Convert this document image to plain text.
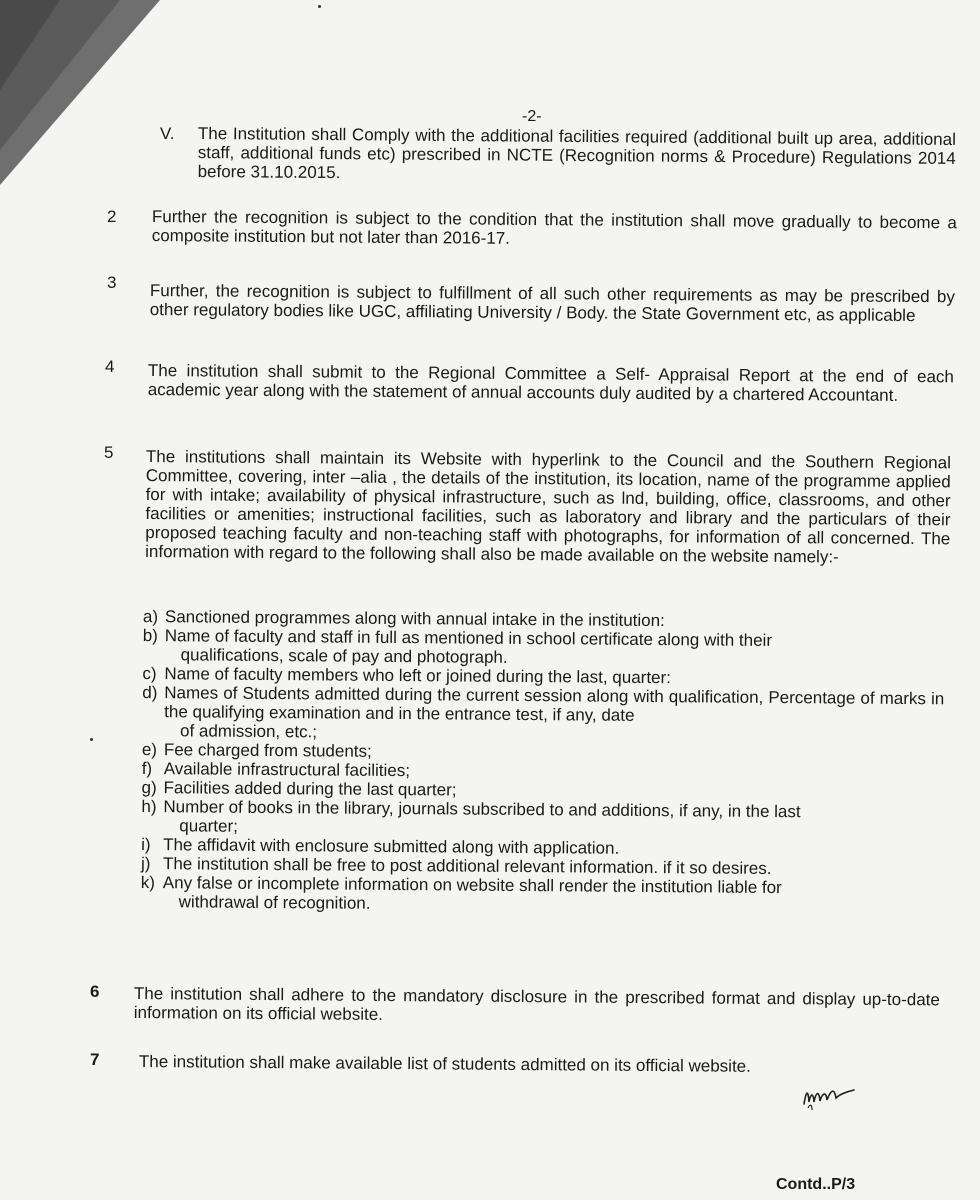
-2-
V. The Institution shall Comply with the additional facilities required (additional built up area, additional staff, additional funds etc) prescribed in NCTE (Recognition norms & Procedure) Regulations 2014 before 31.10.2015.
2 Further the recognition is subject to the condition that the institution shall move gradually to become a composite institution but not later than 2016-17.
3 Further, the recognition is subject to fulfillment of all such other requirements as may be prescribed by other regulatory bodies like UGC, affiliating University / Body. the State Government etc, as applicable
4 The institution shall submit to the Regional Committee a Self- Appraisal Report at the end of each academic year along with the statement of annual accounts duly audited by a chartered Accountant.
5 The institutions shall maintain its Website with hyperlink to the Council and the Southern Regional Committee, covering, inter –alia , the details of the institution, its location, name of the programme applied for with intake; availability of physical infrastructure, such as lnd, building, office, classrooms, and other facilities or amenities; instructional facilities, such as laboratory and library and the particulars of their proposed teaching faculty and non-teaching staff with photographs, for information of all concerned. The information with regard to the following shall also be made available on the website namely:-
a) Sanctioned programmes along with annual intake in the institution:
b) Name of faculty and staff in full as mentioned in school certificate along with their
qualifications, scale of pay and photograph.
c) Name of faculty members who left or joined during the last, quarter:
d) Names of Students admitted during the current session along with qualification, Percentage of marks in the qualifying examination and in the entrance test, if any, date
of admission, etc.;
e) Fee charged from students;
f) Available infrastructural facilities;
g) Facilities added during the last quarter;
h) Number of books in the library, journals subscribed to and additions, if any, in the last
quarter;
i) The affidavit with enclosure submitted along with application.
j) The institution shall be free to post additional relevant information. if it so desires.
k) Any false or incomplete information on website shall render the institution liable for
withdrawal of recognition.
6 The institution shall adhere to the mandatory disclosure in the prescribed format and display up-to-date information on its official website.
7 The institution shall make available list of students admitted on its official website.
Contd..P/3
